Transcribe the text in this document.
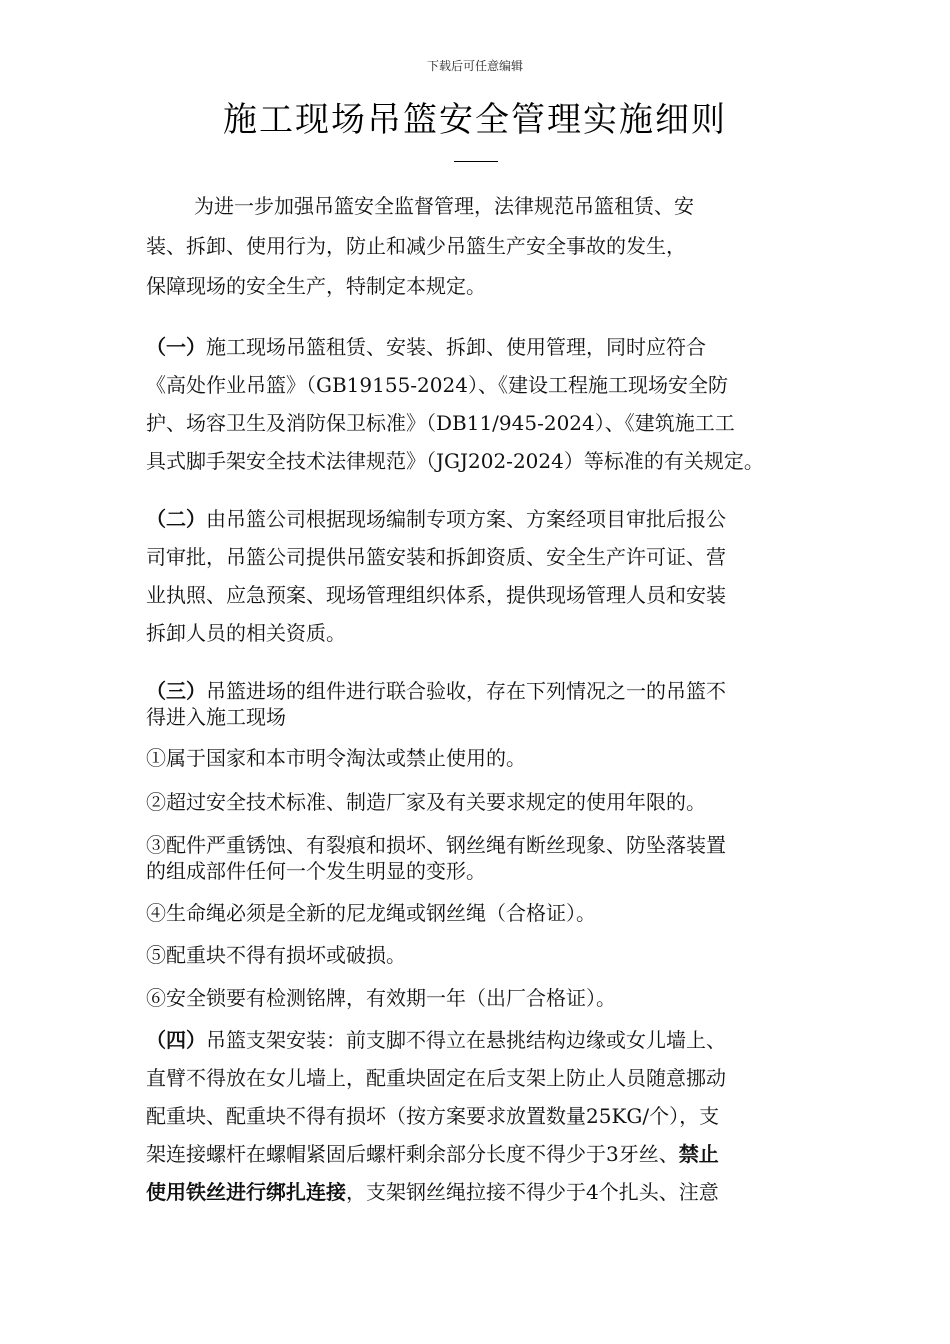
下载后可任意编辑
施工现场吊篮安全管理实施细则
为进一步加强吊篮安全监督管理，法律规范吊篮租赁、安
装、拆卸、使用行为，防止和减少吊篮生产安全事故的发生，
保障现场的安全生产，特制定本规定。
（一）施工现场吊篮租赁、安装、拆卸、使用管理，同时应符合
《高处作业吊篮》（GB19155-2024）、《建设工程施工现场安全防
护、场容卫生及消防保卫标准》（DB11/945-2024）、《建筑施工工
具式脚手架安全技术法律规范》（JGJ202-2024）等标准的有关规定。
（二）由吊篮公司根据现场编制专项方案、方案经项目审批后报公
司审批，吊篮公司提供吊篮安装和拆卸资质、安全生产许可证、营
业执照、应急预案、现场管理组织体系，提供现场管理人员和安装
拆卸人员的相关资质。
（三）吊篮进场的组件进行联合验收，存在下列情况之一的吊篮不
得进入施工现场
①属于国家和本市明令淘汰或禁止使用的。
②超过安全技术标准、制造厂家及有关要求规定的使用年限的。
③配件严重锈蚀、有裂痕和损坏、钢丝绳有断丝现象、防坠落装置
的组成部件任何一个发生明显的变形。
④生命绳必须是全新的尼龙绳或钢丝绳（合格证）。
⑤配重块不得有损坏或破损。
⑥安全锁要有检测铭牌，有效期一年（出厂合格证）。
（四）吊篮支架安装：前支脚不得立在悬挑结构边缘或女儿墙上、
直臂不得放在女儿墙上，配重块固定在后支架上防止人员随意挪动
配重块、配重块不得有损坏（按方案要求放置数量25KG/个），支
架连接螺杆在螺帽紧固后螺杆剩余部分长度不得少于3牙丝、禁止
使用铁丝进行绑扎连接，支架钢丝绳拉接不得少于4个扎头、注意
